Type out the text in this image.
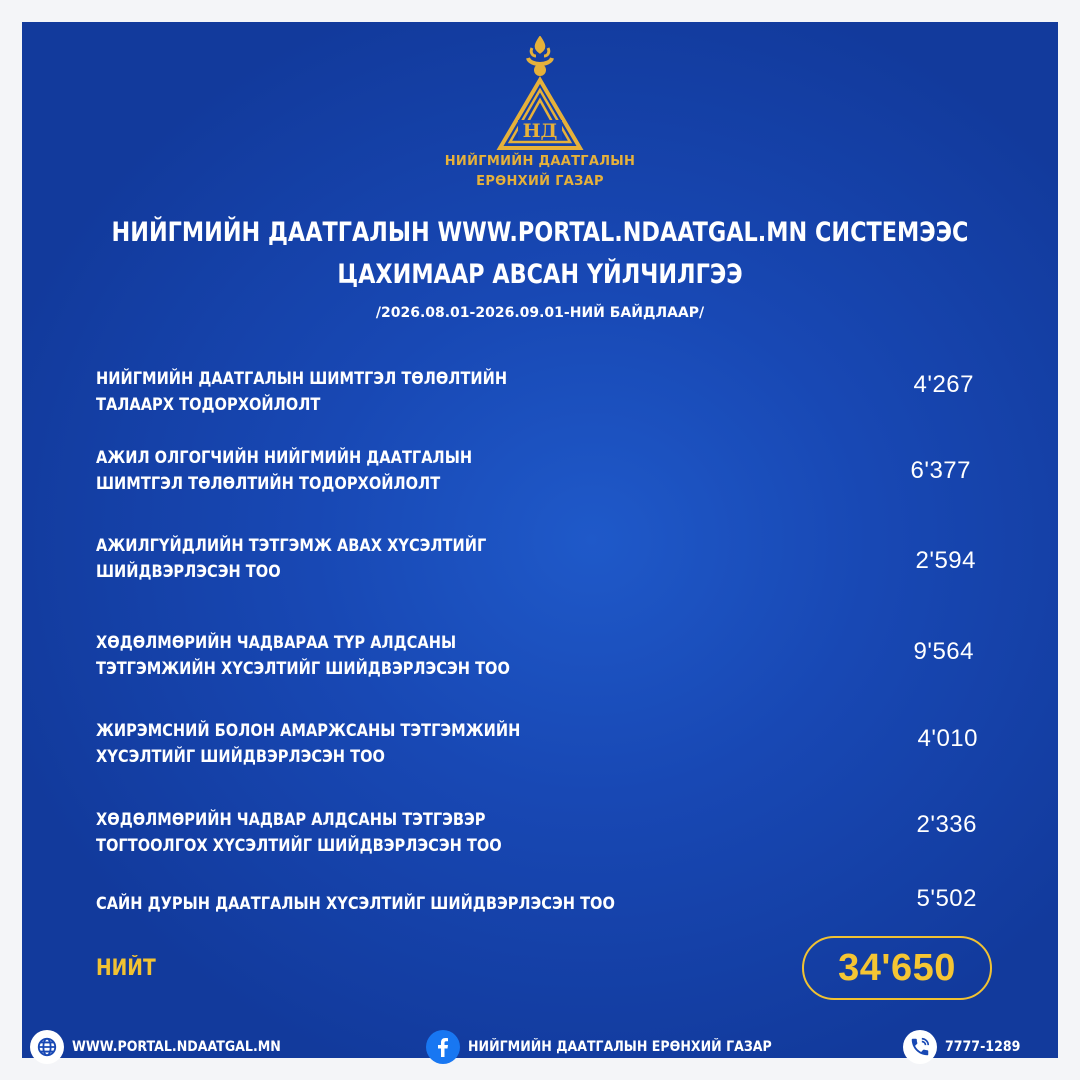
НД
НИЙГМИЙН ДААТГАЛЫН
ЕРӨНХИЙ ГАЗАР
НИЙГМИЙН ДААТГАЛЫН WWW.PORTAL.NDAATGAL.MN СИСТЕМЭЭС
ЦАХИМААР АВСАН ҮЙЛЧИЛГЭЭ
/2026.08.01-2026.09.01-НИЙ БАЙДЛААР/
НИЙГМИЙН ДААТГАЛЫН ШИМТГЭЛ ТӨЛӨЛТИЙН
ТАЛААРХ ТОДОРХОЙЛОЛТ
4'267
АЖИЛ ОЛГОГЧИЙН НИЙГМИЙН ДААТГАЛЫН
ШИМТГЭЛ ТӨЛӨЛТИЙН ТОДОРХОЙЛОЛТ	6'377
АЖИЛГҮЙДЛИЙН ТЭТГЭМЖ АВАХ ХҮСЭЛТИЙГ
ШИЙДВЭРЛЭСЭН ТОО	2'594
ХӨДӨЛМӨРИЙН ЧАДВАРАА ТҮР АЛДСАНЫ
ТЭТГЭМЖИЙН ХҮСЭЛТИЙГ ШИЙДВЭРЛЭСЭН ТОО
9'564
ЖИРЭМСНИЙ БОЛОН АМАРЖСАНЫ ТЭТГЭМЖИЙН
ХҮСЭЛТИЙГ ШИЙДВЭРЛЭСЭН ТОО
4'010
ХӨДӨЛМӨРИЙН ЧАДВАР АЛДСАНЫ ТЭТГЭВЭР
ТОГТООЛГОХ ХҮСЭЛТИЙГ ШИЙДВЭРЛЭСЭН ТОО
2'336
САЙН ДУРЫН ДААТГАЛЫН ХҮСЭЛТИЙГ ШИЙДВЭРЛЭСЭН ТОО	5'502
НИЙТ	34'650
WWW.PORTAL.NDAATGAL.MN	НИЙГМИЙН ДААТГАЛЫН ЕРӨНХИЙ ГАЗАР	7777-1289
